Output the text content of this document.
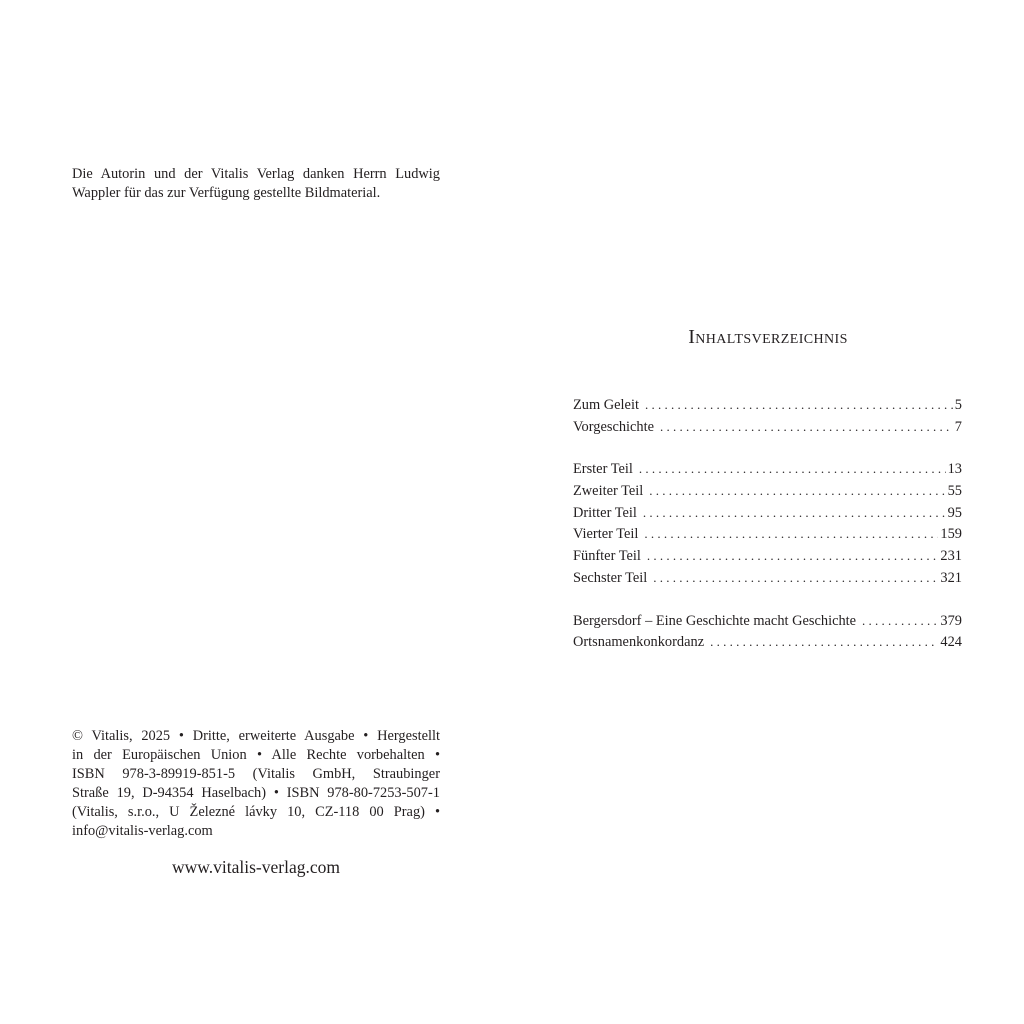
Die Autorin und der Vitalis Verlag danken Herrn Ludwig Wappler für das zur Verfügung gestellte Bildmaterial.

© Vitalis, 2025 • Dritte, erweiterte Ausgabe • Hergestellt
in der Europäischen Union • Alle Rechte vorbehalten •
ISBN 978-3-89919-851-5 (Vitalis GmbH, Straubinger
Straße 19, D-94354 Haselbach) • ISBN 978-80-7253-507-1
(Vitalis, s.r.o., U Železné lávky 10, CZ-118 00 Prag) •
info@vitalis-verlag.com
www.vitalis-verlag.com
Inhaltsverzeichnis
Zum Geleit . . .	5
Vorgeschichte . . .	7
Erster Teil . . .	13
Zweiter Teil . . .	55
Dritter Teil . . .	95
Vierter Teil . . .	159
Fünfter Teil . . .	231
Sechster Teil . . .	321
Bergersdorf – Eine Geschichte macht Geschichte . . .	379
Ortsnamenkonkordanz . . .	424
